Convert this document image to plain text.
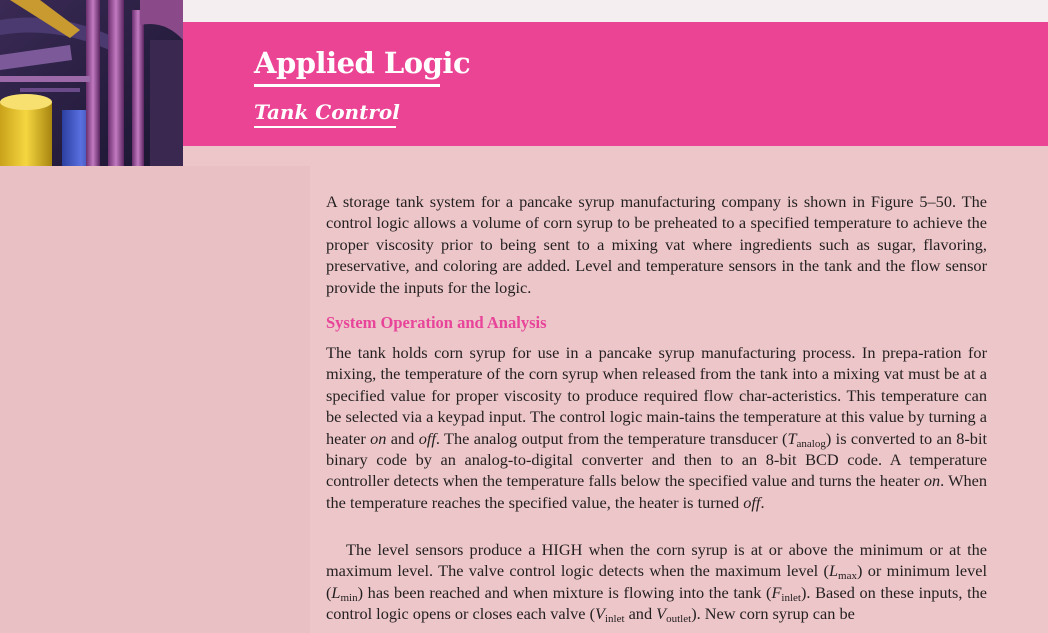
Applied Logic
Tank Control

A storage tank system for a pancake syrup manufacturing company is shown in Figure 5–50. The control logic allows a volume of corn syrup to be preheated to a specified temperature to achieve the proper viscosity prior to being sent to a mixing vat where ingredients such as sugar, flavoring, preservative, and coloring are added. Level and temperature sensors in the tank and the flow sensor provide the inputs for the logic.

System Operation and Analysis

The tank holds corn syrup for use in a pancake syrup manufacturing process. In prepa-ration for mixing, the temperature of the corn syrup when released from the tank into a mixing vat must be at a specified value for proper viscosity to produce required flow char-acteristics. This temperature can be selected via a keypad input. The control logic main-tains the temperature at this value by turning a heater on and off. The analog output from the temperature transducer $(T_{analog})$ is converted to an 8-bit binary code by an analog-to-digital converter and then to an 8-bit BCD code. A temperature controller detects when the temperature falls below the specified value and turns the heater on. When the temperature reaches the specified value, the heater is turned off.

The level sensors produce a HIGH when the corn syrup is at or above the minimum or at the maximum level. The valve control logic detects when the maximum level $(L_{max})$ or minimum level $(L_{min})$ has been reached and when mixture is flowing into the tank $(F_{inlet})$. Based on these inputs, the control logic opens or closes each valve ($V_{inlet}$ and $V_{outlet}$). New corn syrup can be
